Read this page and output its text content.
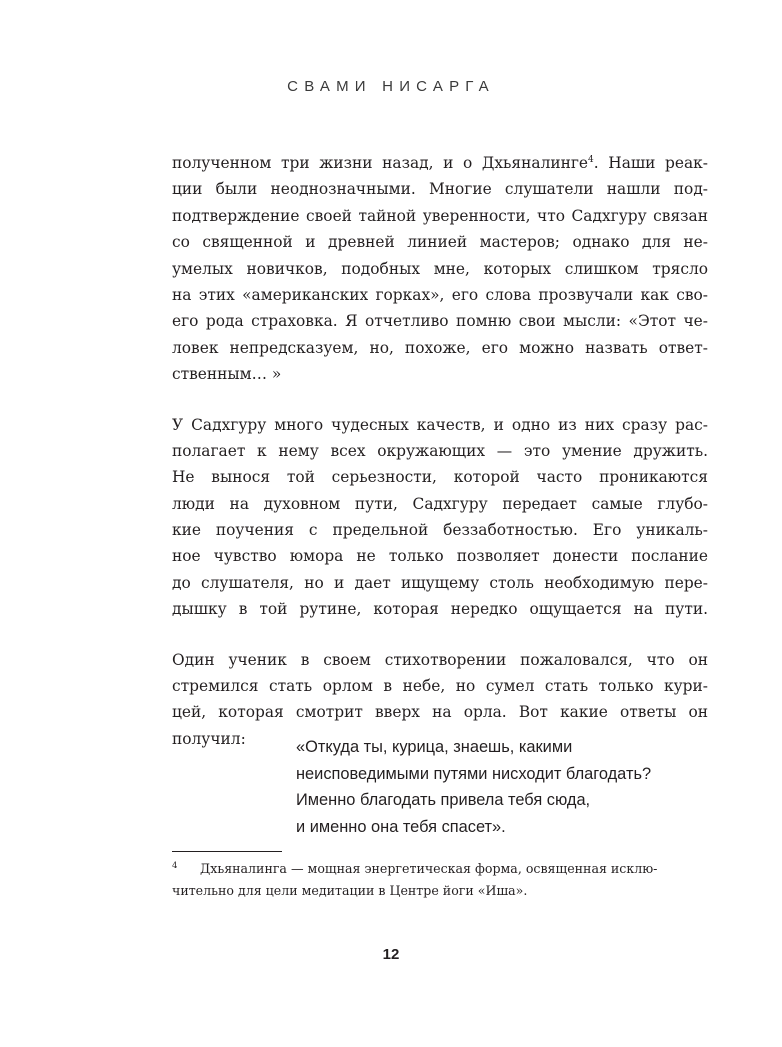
СВАМИ НИСАРГА
полученном три жизни назад, и о Дхьяналинге$^4$. Наши реак-
ции были неоднозначными. Многие слушатели нашли под-
подтверждение своей тайной уверенности, что Садхгуру связан
со священной и древней линией мастеров; однако для не-
умелых новичков, подобных мне, которых слишком трясло
на этих «американских горках», его слова прозвучали как сво-
его рода страховка. Я отчетливо помню свои мысли: «Этот че-
ловек непредсказуем, но, похоже, его можно назвать ответ-
ственным… »
У Садхгуру много чудесных качеств, и одно из них сразу рас-
полагает к нему всех окружающих — это умение дружить.
Не вынося той серьезности, которой часто проникаются
люди на духовном пути, Садхгуру передает самые глубо-
кие поучения с предельной беззаботностью. Его уникаль-
ное чувство юмора не только позволяет донести послание
до слушателя, но и дает ищущему столь необходимую пере-
дышку в той рутине, которая нередко ощущается на пути.
Один ученик в своем стихотворении пожаловался, что он
стремился стать орлом в небе, но сумел стать только кури-
цей, которая смотрит вверх на орла. Вот какие ответы он
получил:	«Откуда ты, курица, знаешь, какими
неисповедимыми путями нисходит благодать?
Именно благодать привела тебя сюда,
и именно она тебя спасет».
4	Дхьяналинга — мощная энергетическая форма, освященная исклю-
чительно для цели медитации в Центре йоги «Иша».
12
